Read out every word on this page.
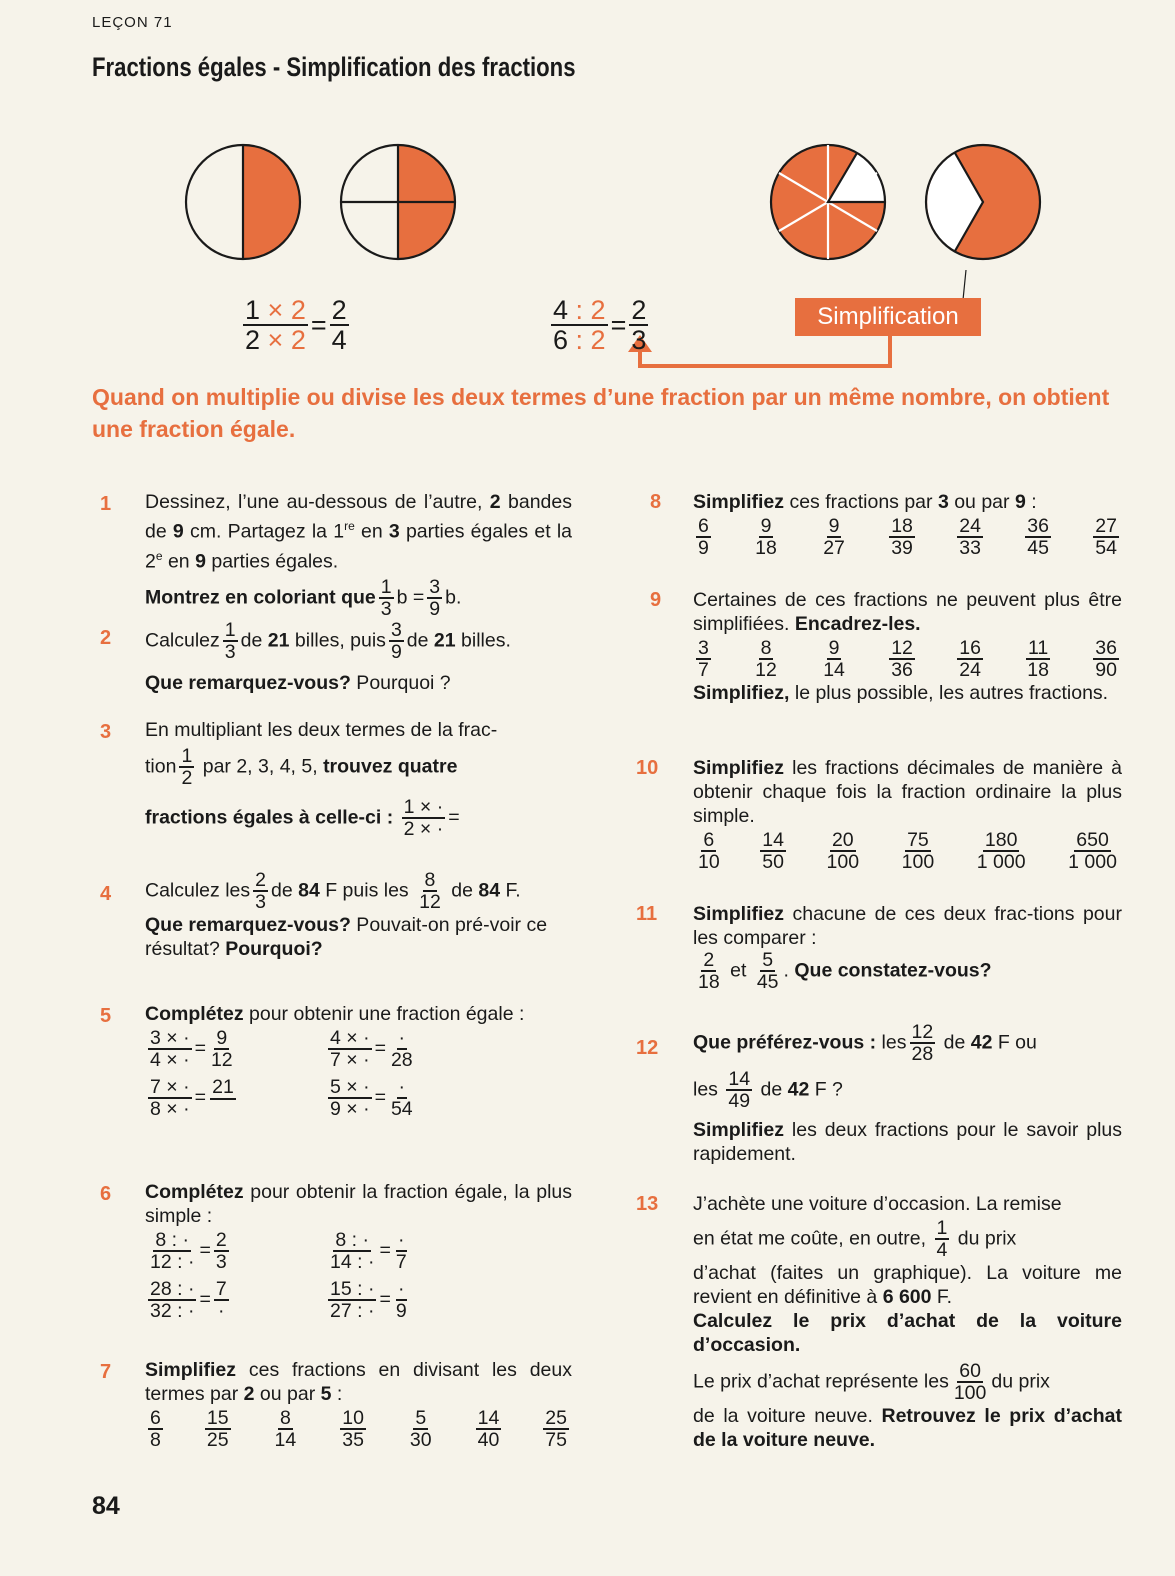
LEÇON 71
Fractions égales - Simplification des fractions
$\frac{1 \times 2}{2 \times 2} = \frac{2}{4}$	$\frac{4 : 2}{6 : 2} = \frac{2}{3}$	Simplification
Quand on multiplie ou divise les deux termes d’une fraction par un même nombre, on obtient une fraction égale.
1 Dessinez, l’une au-dessous de l’autre, 2 bandes de 9 cm. Partagez la 1re en 3 parties égales et la 2e en 9 parties égales.
Montrez en coloriant que $\frac{1}{3}$ $b = \frac{3}{9} b$.
2 Calculez $\frac{1}{3}$ de 21 billes, puis $\frac{3}{9}$ de 21 billes.
Que remarquez-vous? Pourquoi ?
3 En multipliant les deux termes de la frac-
tion $\frac{1}{2}$ par 2, 3, 4, 5, trouvez quatre
fractions égales à celle-ci : $\frac{1 \times \cdot}{2 \times \cdot}$ =
4 Calculez les $\frac{2}{3}$ de 84 F puis les $\frac{8}{12}$ de 84 F.
Que remarquez-vous? Pouvait-on pré-voir ce résultat? Pourquoi?
5 Complétez pour obtenir une fraction égale :
$\frac{3 \times \cdot}{4 \times \cdot} = \frac{9}{12}$	$\frac{4 \times \cdot}{7 \times \cdot} = \frac{\cdot}{28}$
$\frac{7 \times \cdot}{8 \times \cdot} = 21$	$\frac{5 \times \cdot}{9 \times \cdot} = \frac{\cdot}{54}$
6 Complétez pour obtenir la fraction égale, la plus simple :
$\frac{8 : \cdot}{12 : \cdot} = \frac{2}{3}$	$\frac{8 : \cdot}{14 : \cdot} = \frac{\cdot}{7}$
$\frac{28 : \cdot}{32 : \cdot} = \frac{7}{\cdot}$	$\frac{15 : \cdot}{27 : \cdot} = \frac{\cdot}{9}$
7 Simplifiez ces fractions en divisant les deux termes par 2 ou par 5 :
$\frac{6}{8} \frac{15}{25} \frac{8}{14} \frac{10}{35} \frac{5}{30} \frac{14}{40} \frac{25}{75}$
8 Simplifiez ces fractions par 3 ou par 9 :
$\frac{6}{9} \frac{9}{18} \frac{9}{27} \frac{18}{39} \frac{24}{33} \frac{36}{45} \frac{27}{54}$
9 Certaines de ces fractions ne peuvent plus être simplifiées. Encadrez-les.
$\frac{3}{7} \frac{8}{12} \frac{9}{14} \frac{12}{36} \frac{16}{24} \frac{11}{18} \frac{36}{90}$
Simplifiez, le plus possible, les autres fractions.
10 Simplifiez les fractions décimales de manière à obtenir chaque fois la fraction ordinaire la plus simple.
$\frac{6}{10} \frac{14}{50} \frac{20}{100} \frac{75}{100} \frac{180}{1 000} \frac{650}{1 000}$
11 Simplifiez chacune de ces deux frac-tions pour les comparer :
$\frac{2}{18}$ et $\frac{5}{45}$ . Que constatez-vous?
12 Que préférez-vous : les $\frac{12}{28}$ de 42 F ou
les $\frac{14}{49}$ de 42 F ?
Simplifiez les deux fractions pour le savoir plus rapidement.
13 J’achète une voiture d’occasion. La remise
en état me coûte, en outre, $\frac{1}{4}$ du prix
d’achat (faites un graphique). La voiture me revient en définitive à 6 600 F.
Calculez le prix d’achat de la voiture d’occasion.
Le prix d’achat représente les $\frac{60}{100}$ du prix
de la voiture neuve. Retrouvez le prix d’achat de la voiture neuve.
84
